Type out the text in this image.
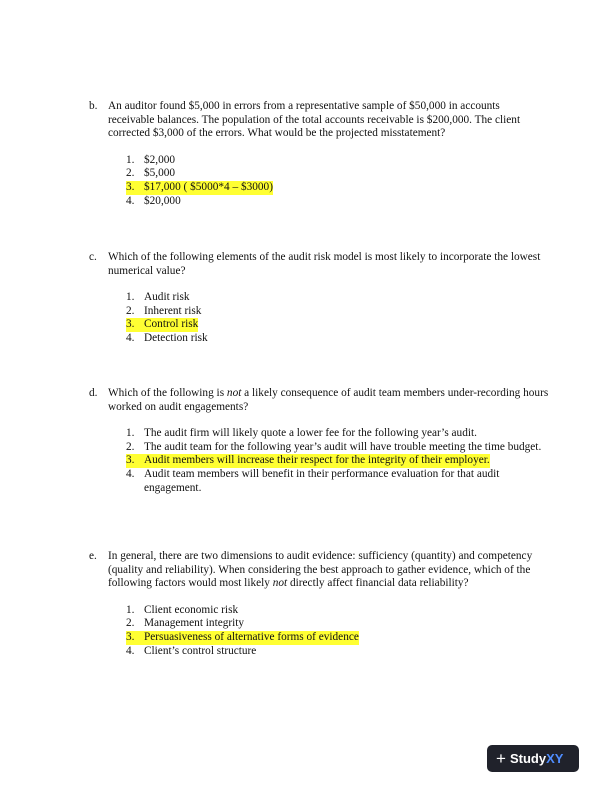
b. An auditor found $5,000 in errors from a representative sample of $50,000 in accounts receivable balances. The population of the total accounts receivable is $200,000. The client corrected $3,000 of the errors. What would be the projected misstatement?
1. $2,000
2. $5,000
3. $17,000 ( $5000*4 – $3000)
4. $20,000
c. Which of the following elements of the audit risk model is most likely to incorporate the lowest numerical value?
1. Audit risk
2. Inherent risk
3. Control risk
4. Detection risk
d. Which of the following is not a likely consequence of audit team members under-recording hours worked on audit engagements?
1. The audit firm will likely quote a lower fee for the following year’s audit.
2. The audit team for the following year’s audit will have trouble meeting the time budget.
3. Audit members will increase their respect for the integrity of their employer.
4. Audit team members will benefit in their performance evaluation for that audit engagement.
e. In general, there are two dimensions to audit evidence: sufficiency (quantity) and competency (quality and reliability). When considering the best approach to gather evidence, which of the following factors would most likely not directly affect financial data reliability?
1. Client economic risk
2. Management integrity
3. Persuasiveness of alternative forms of evidence
4. Client’s control structure
+ StudyXY
